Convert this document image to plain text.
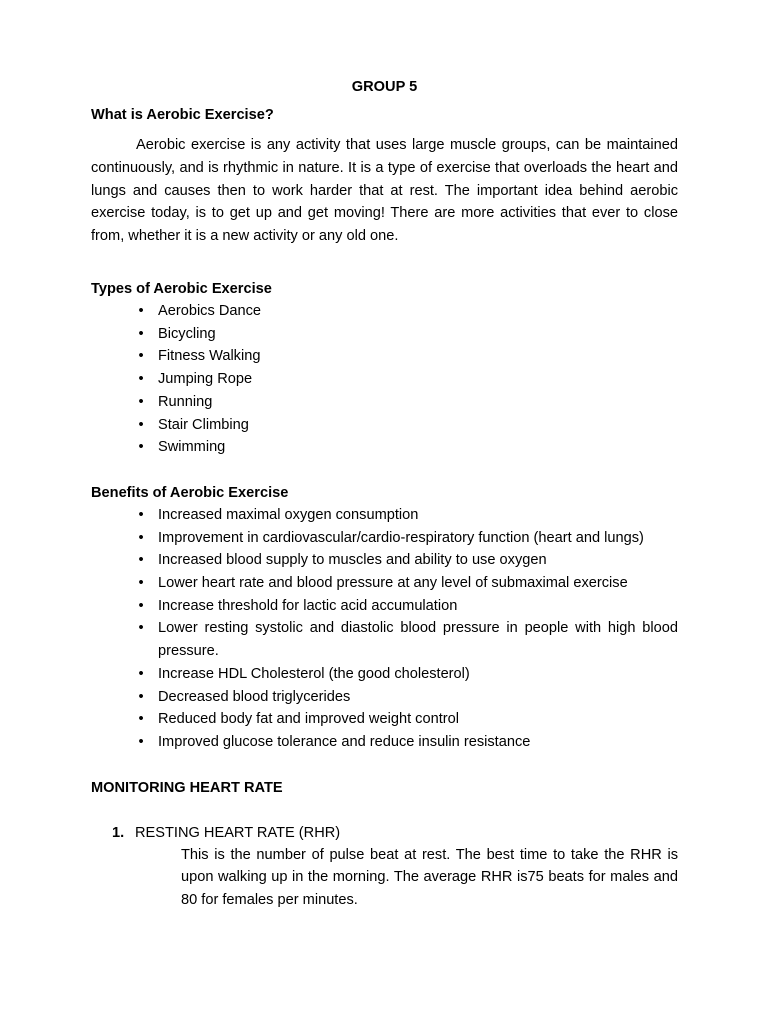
GROUP 5
What is Aerobic Exercise?

Aerobic exercise is any activity that uses large muscle groups, can be maintained continuously, and is rhythmic in nature. It is a type of exercise that overloads the heart and lungs and causes then to work harder that at rest. The important idea behind aerobic exercise today, is to get up and get moving! There are more activities that ever to close from, whether it is a new activity or any old one.

Types of Aerobic Exercise
• Aerobics Dance
• Bicycling
• Fitness Walking
• Jumping Rope
• Running
• Stair Climbing
• Swimming
Benefits of Aerobic Exercise
• Increased maximal oxygen consumption
• Improvement in cardiovascular/cardio-respiratory function (heart and lungs)
• Increased blood supply to muscles and ability to use oxygen
• Lower heart rate and blood pressure at any level of submaximal exercise
• Increase threshold for lactic acid accumulation
• Lower resting systolic and diastolic blood pressure in people with high blood pressure.
• Increase HDL Cholesterol (the good cholesterol)
• Decreased blood triglycerides
• Reduced body fat and improved weight control
• Improved glucose tolerance and reduce insulin resistance
MONITORING HEART RATE
1. RESTING HEART RATE (RHR)

This is the number of pulse beat at rest. The best time to take the RHR is upon walking up in the morning. The average RHR is75 beats for males and 80 for females per minutes.
